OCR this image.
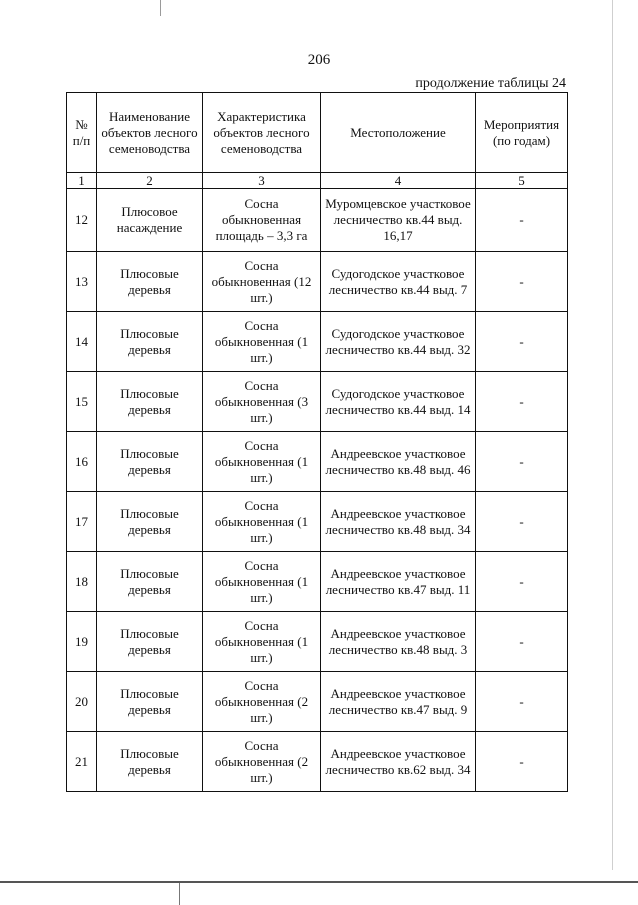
206
продолжение таблицы 24
№ п/п	Наименование объектов лесного семеноводства	Характеристика объектов лесного семеноводства	Местоположение	Мероприятия (по годам)
1	2	3	4	5
12	Плюсовое насаждение	Сосна обыкновенная площадь – 3,3 га	Муромцевское участковое лесничество кв.44 выд. 16,17	-
13	Плюсовые деревья	Сосна обыкновенная (12 шт.)	Судогодское участковое лесничество кв.44 выд. 7	-
14	Плюсовые деревья	Сосна обыкновенная (1 шт.)	Судогодское участковое лесничество кв.44 выд. 32	-
15	Плюсовые деревья	Сосна обыкновенная (3 шт.)	Судогодское участковое лесничество кв.44 выд. 14	-
16	Плюсовые деревья	Сосна обыкновенная (1 шт.)	Андреевское участковое лесничество кв.48 выд. 46	-
17	Плюсовые деревья	Сосна обыкновенная (1 шт.)	Андреевское участковое лесничество кв.48 выд. 34	-
18	Плюсовые деревья	Сосна обыкновенная (1 шт.)	Андреевское участковое лесничество кв.47 выд. 11	-
19	Плюсовые деревья	Сосна обыкновенная (1 шт.)	Андреевское участковое лесничество кв.48 выд. 3	-
20	Плюсовые деревья	Сосна обыкновенная (2 шт.)	Андреевское участковое лесничество кв.47 выд. 9	-
21	Плюсовые деревья	Сосна обыкновенная (2 шт.)	Андреевское участковое лесничество кв.62 выд. 34	-
